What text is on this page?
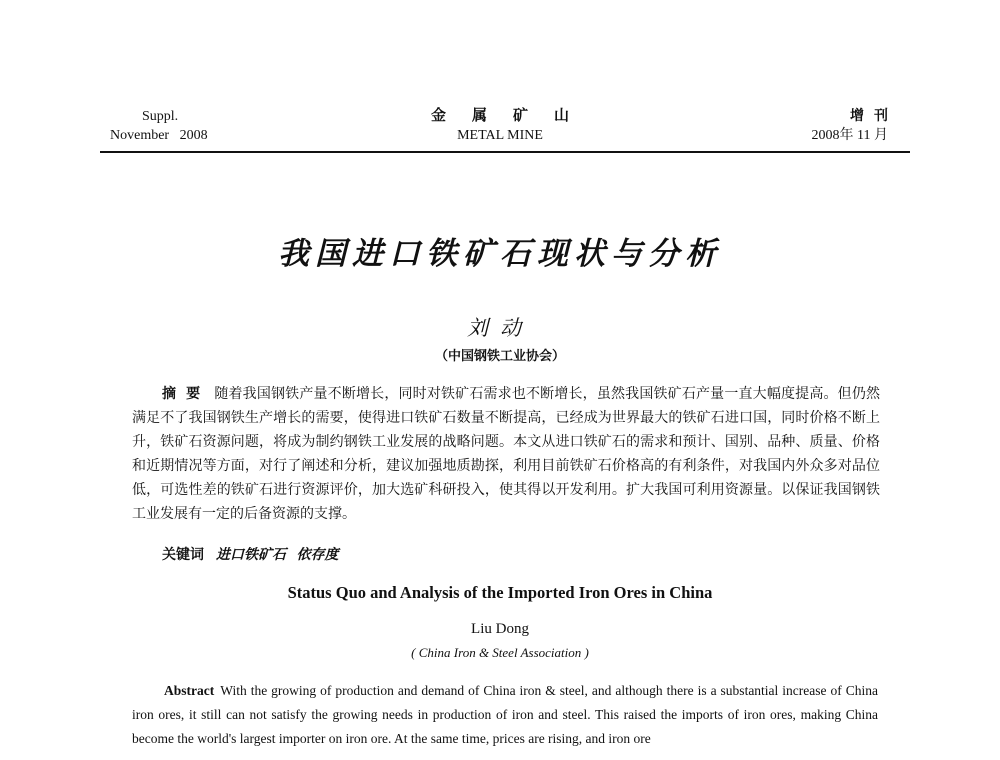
Suppl.
November   2008
金属矿山
METAL MINE
增刊
2008年 11 月
我国进口铁矿石现状与分析
刘动
（中国钢铁工业协会）
摘要 随着我国钢铁产量不断增长，同时对铁矿石需求也不断增长，虽然我国铁矿石产量一直大幅度提高。但仍然满足不了我国钢铁生产增长的需要，使得进口铁矿石数量不断提高，已经成为世界最大的铁矿石进口国，同时价格不断上升，铁矿石资源问题，将成为制约钢铁工业发展的战略问题。本文从进口铁矿石的需求和预计、国别、品种、质量、价格和近期情况等方面，对行了阐述和分析，建议加强地质勘探，利用目前铁矿石价格高的有利条件，对我国内外众多对品位低，可选性差的铁矿石进行资源评价，加大选矿科研投入，使其得以开发利用。扩大我国可利用资源量。以保证我国钢铁工业发展有一定的后备资源的支撑。
关键词 进口铁矿石   依存度
Status Quo and Analysis of the Imported Iron Ores in China
Liu Dong
( China Iron & Steel Association )
Abstract With the growing of production and demand of China iron & steel, and although there is a substantial increase of China iron ores, it still can not satisfy the growing needs in production of iron and steel. This raised the imports of iron ores, making China become the world's largest importer on iron ore. At the same time, prices are rising, and iron ore
